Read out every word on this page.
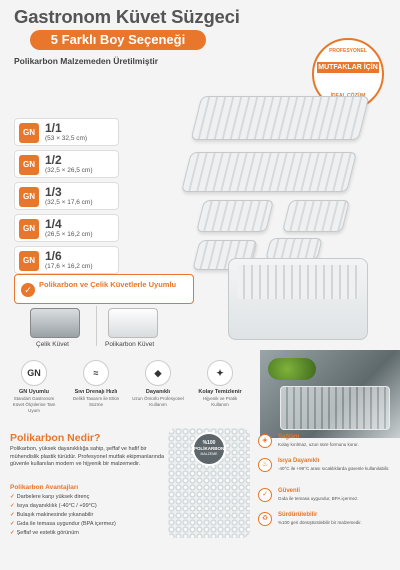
Gastronom Küvet Süzgeci
5 Farklı Boy Seçeneği
Polikarbon Malzemeden Üretilmiştir
PROFESYONEL
MUTFAKLAR İÇİN
GN 1/1
(53 × 32,5 cm)
GN 1/2
(32,5 × 26,5 cm)
GN 1/3
(32,5 × 17,6 cm)
GN 1/4
(26,5 × 16,2 cm)
GN 1/6
(17,6 × 16,2 cm)
✓
Polikarbon ve Çelik Küvetlerle Uyumlu
Çelik Küvet	Polikarbon Küvet
GN
GN Uyumlu
Standart Gastronom Küvet Ölçülerine Tam Uyum
≈
Sıvı Drenajı Hızlı
Delikli Tasarım ile Etkin Süzme
◆
Dayanıklı
Uzun Ömürlü Profesyonel Kullanım
✦
Kolay Temizlenir
Hijyenik ve Pratik Kullanım
Polikarbon Nedir?
Polikarbon, yüksek dayanıklılığa sahip, şeffaf ve hafif bir mühendislik plastik türüdür. Profesyonel mutfak ekipmanlarında güvenle kullanılan modern ve hijyenik bir malzemedir.
Polikarbon Avantajları
✓ Darbelere karşı yüksek direnç
✓ Isıya dayanıklılık (-40°C / +99°C)
✓ Bulaşık makinesinde yıkanabilir
✓ Gıda ile temasa uygundur (BPA içermez)
✓ Şeffaf ve estetik görünüm
%100
POLİKARBON
MALZEME
◈	Sağlam
Kolay kırılmaz, uzun süre formunu korur.
♨	Isıya Dayanıklı
-40°C ile +99°C arası sıcaklıklarda güvenle kullanılabilir.
✓	Güvenli
Gıda ile temasa uygundur, BPA içermez.
♻	Sürdürülebilir
%100 geri dönüştürülebilir bir malzemedir.
